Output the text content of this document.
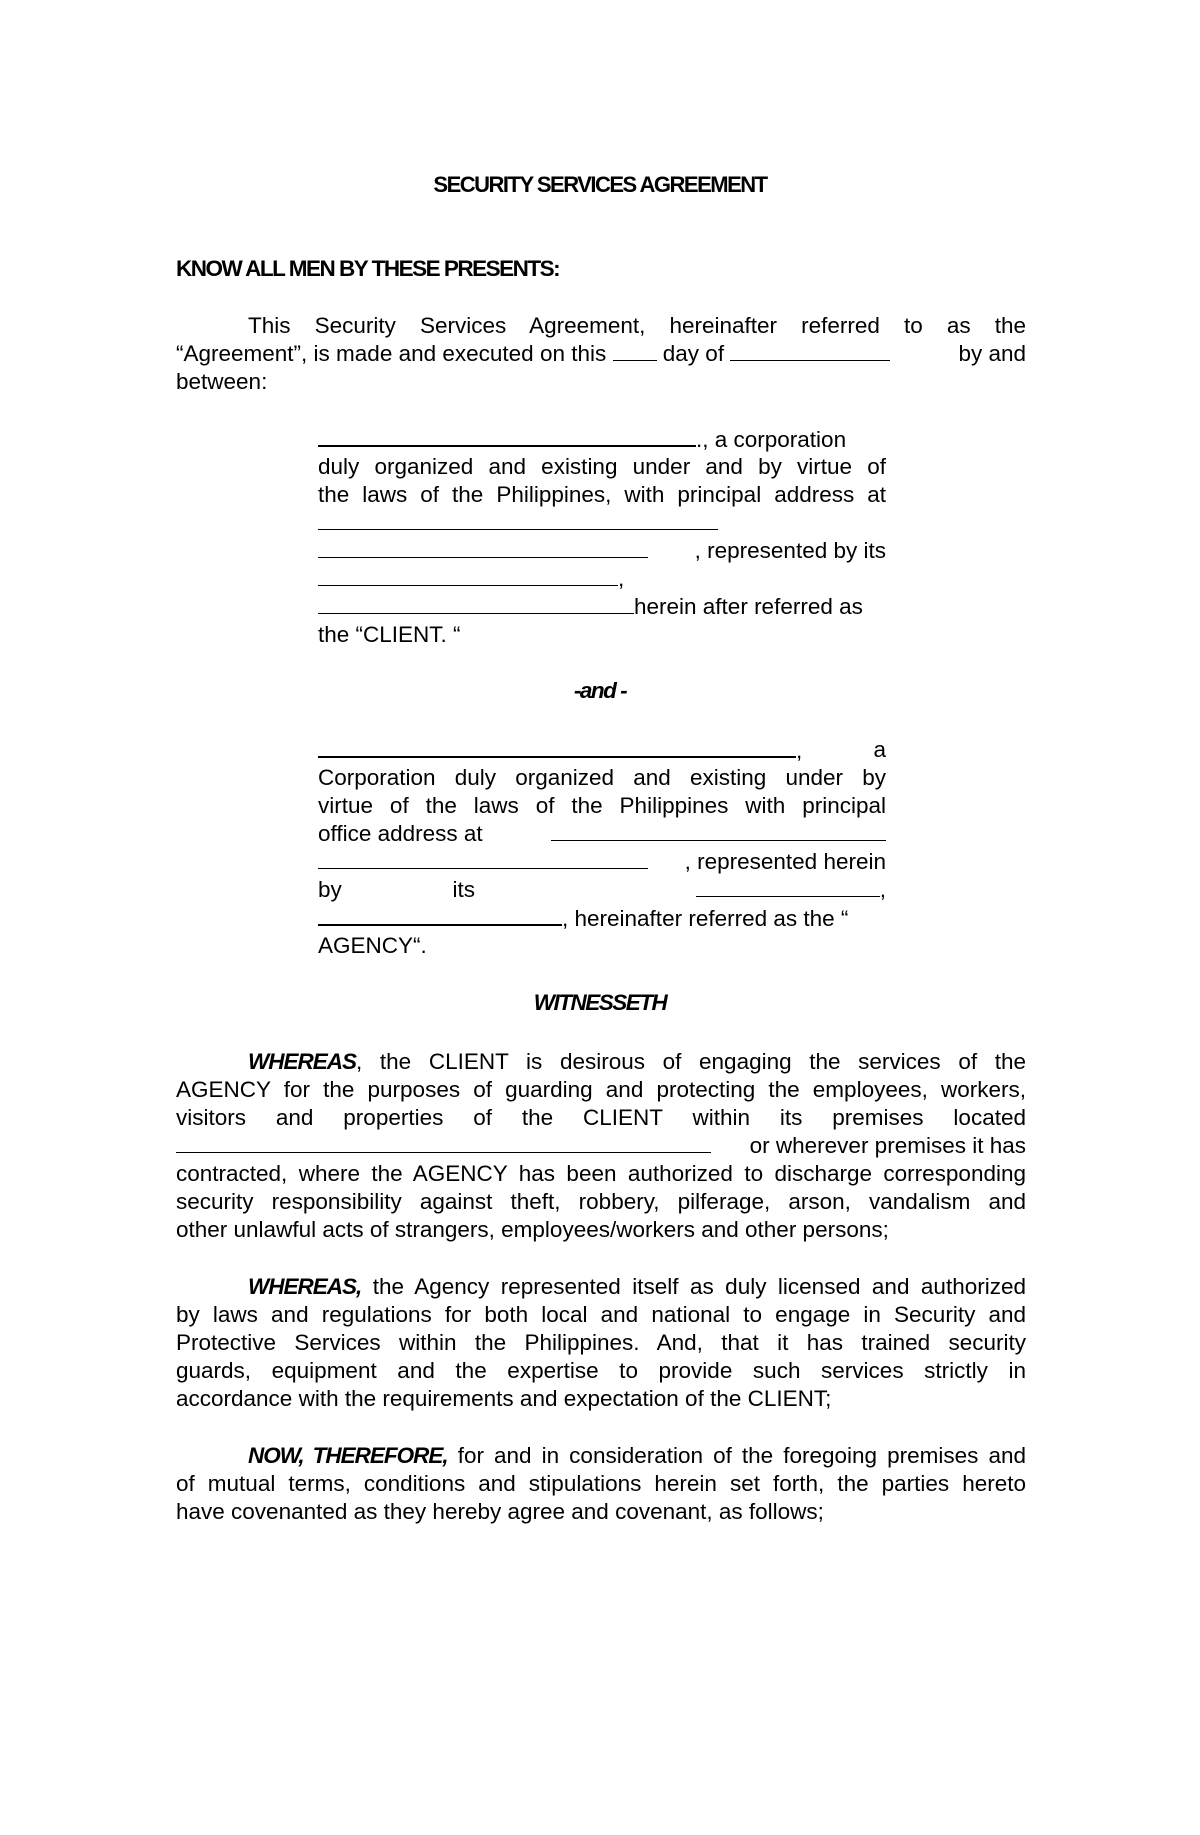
SECURITY SERVICES AGREEMENT
KNOW ALL MEN BY THESE PRESENTS:
This Security Services Agreement, hereinafter referred to as the
“Agreement”, is made and executed on this	day of	by and
between:
., a corporation
duly organized and existing under and by virtue of
the laws of the Philippines, with principal address at
, represented by its
,
herein after referred as
the “CLIENT. “
-and -
,	a
Corporation duly organized and existing under by
virtue of the laws of the Philippines with principal
office address at
, represented herein
by	its	,
, hereinafter referred as the “
AGENCY“.
WITNESSETH
WHEREAS, the CLIENT is desirous of engaging the services of the
AGENCY for the purposes of guarding and protecting the employees, workers,
visitors and properties of the CLIENT within its premises located
or wherever premises it has
contracted, where the AGENCY has been authorized to discharge corresponding
security responsibility against theft, robbery, pilferage, arson, vandalism and
other unlawful acts of strangers, employees/workers and other persons;
WHEREAS, the Agency represented itself as duly licensed and authorized
by laws and regulations for both local and national to engage in Security and
Protective Services within the Philippines. And, that it has trained security
guards, equipment and the expertise to provide such services strictly in
accordance with the requirements and expectation of the CLIENT;
NOW, THEREFORE, for and in consideration of the foregoing premises and
of mutual terms, conditions and stipulations herein set forth, the parties hereto
have covenanted as they hereby agree and covenant, as follows;
